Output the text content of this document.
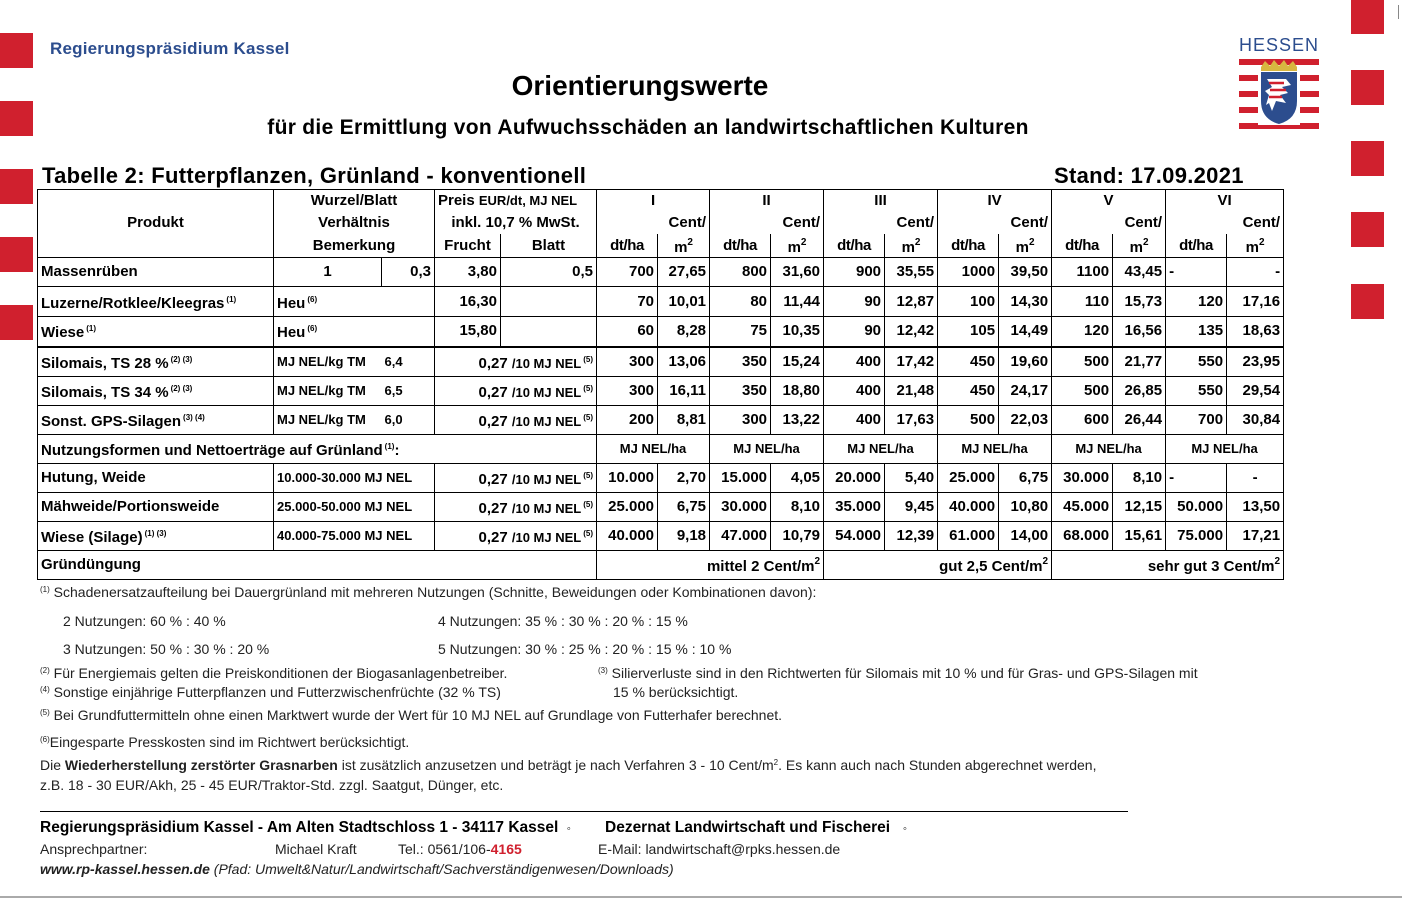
Regierungspräsidium Kassel	HESSEN
Orientierungswerte
für die Ermittlung von Aufwuchsschäden an landwirtschaftlichen Kulturen
Tabelle 2: Futterpflanzen, Grünland - konventionell	Stand: 17.09.2021
	Wurzel/Blatt		Preis EUR/dt, MJ NEL		I		II		III		IV		V		VI	
Produkt	Verhältnis		inkl. 10,7 % MwSt.			Cent/		Cent/		Cent/		Cent/		Cent/		Cent/
	Bemerkung		Frucht	Blatt	dt/ha	$m^2$	dt/ha	$m^2$	dt/ha	$m^2$	dt/ha	$m^2$	dt/ha	$m^2$	dt/ha	$m^2$
Massenrüben	1	0,3	3,80	0,5	700	27,65	800	31,60	900	35,55	1000	39,50	1100	43,45	-	-
Luzerne/Rotklee/Kleegras $^{(1)}$	Heu $^{(6)}$		16,30		70	10,01	80	11,44	90	12,87	100	14,30	110	15,73	120	17,16
Wiese $^{(1)}$	Heu $^{(6)}$		15,80		60	8,28	75	10,35	90	12,42	105	14,49	120	16,56	135	18,63
Silomais, TS 28 % $^{(2) (3)}$	MJ NEL/kg TM	6,4	0,27 /10 MJ NEL $^{(5)}$		300	13,06	350	15,24	400	17,42	450	19,60	500	21,77	550	23,95
Silomais, TS 34 % $^{(2) (3)}$	MJ NEL/kg TM	6,5	0,27 /10 MJ NEL $^{(5)}$		300	16,11	350	18,80	400	21,48	450	24,17	500	26,85	550	29,54
Sonst. GPS-Silagen $^{(3) (4)}$	MJ NEL/kg TM	6,0	0,27 /10 MJ NEL $^{(5)}$		200	8,81	300	13,22	400	17,63	500	22,03	600	26,44	700	30,84
Nutzungsformen und Nettoerträge auf Grünland $^{(1)}$:					MJ NEL/ha		MJ NEL/ha		MJ NEL/ha		MJ NEL/ha		MJ NEL/ha		MJ NEL/ha	
Hutung, Weide	10.000-30.000 MJ NEL		0,27 /10 MJ NEL $^{(5)}$		10.000	2,70	15.000	4,05	20.000	5,40	25.000	6,75	30.000	8,10	-	-
Mähweide/Portionsweide	25.000-50.000 MJ NEL		0,27 /10 MJ NEL $^{(5)}$		25.000	6,75	30.000	8,10	35.000	9,45	40.000	10,80	45.000	12,15	50.000	13,50
Wiese (Silage) $^{(1) (3)}$	40.000-75.000 MJ NEL		0,27 /10 MJ NEL $^{(5)}$		40.000	9,18	47.000	10,79	54.000	12,39	61.000	14,00	68.000	15,61	75.000	17,21
Gründüngung					mittel 2 Cent/$m^2$				gut 2,5 Cent/$m^2$				sehr gut 3 Cent/$m^2$
$^{(1)}$ Schadenersatzaufteilung bei Dauergrünland mit mehreren Nutzungen (Schnitte, Beweidungen oder Kombinationen davon):
2 Nutzungen: 60 % : 40 %	4 Nutzungen: 35 % : 30 % : 20 % : 15 %
3 Nutzungen: 50 % : 30 % : 20 %	5 Nutzungen: 30 % : 25 % : 20 % : 15 % : 10 %
$^{(2)}$ Für Energiemais gelten die Preiskonditionen der Biogasanlagenbetreiber.	$^{(3)}$ Silierverluste sind in den Richtwerten für Silomais mit 10 % und für Gras- und GPS-Silagen mit
15 % berücksichtigt.
$^{(4)}$ Sonstige einjährige Futterpflanzen und Futterzwischenfrüchte (32 % TS)
$^{(5)}$ Bei Grundfuttermitteln ohne einen Marktwert wurde der Wert für 10 MJ NEL auf Grundlage von Futterhafer berechnet.
$^{(6)}$Eingesparte Presskosten sind im Richtwert berücksichtigt.
Die Wiederherstellung zerstörter Grasnarben ist zusätzlich anzusetzen und beträgt je nach Verfahren 3 - 10 Cent/$m^2$. Es kann auch nach Stunden abgerechnet werden,
z.B. 18 - 30 EUR/Akh, 25 - 45 EUR/Traktor-Std. zzgl. Saatgut, Dünger, etc.
Regierungspräsidium Kassel - Am Alten Stadtschloss 1 - 34117 Kassel ◦ Dezernat Landwirtschaft und Fischerei ◦
Ansprechpartner:	Michael Kraft	Tel.: 0561/106-4165	E-Mail: landwirtschaft@rpks.hessen.de
www.rp-kassel.hessen.de (Pfad: Umwelt&Natur/Landwirtschaft/Sachverständigenwesen/Downloads)
